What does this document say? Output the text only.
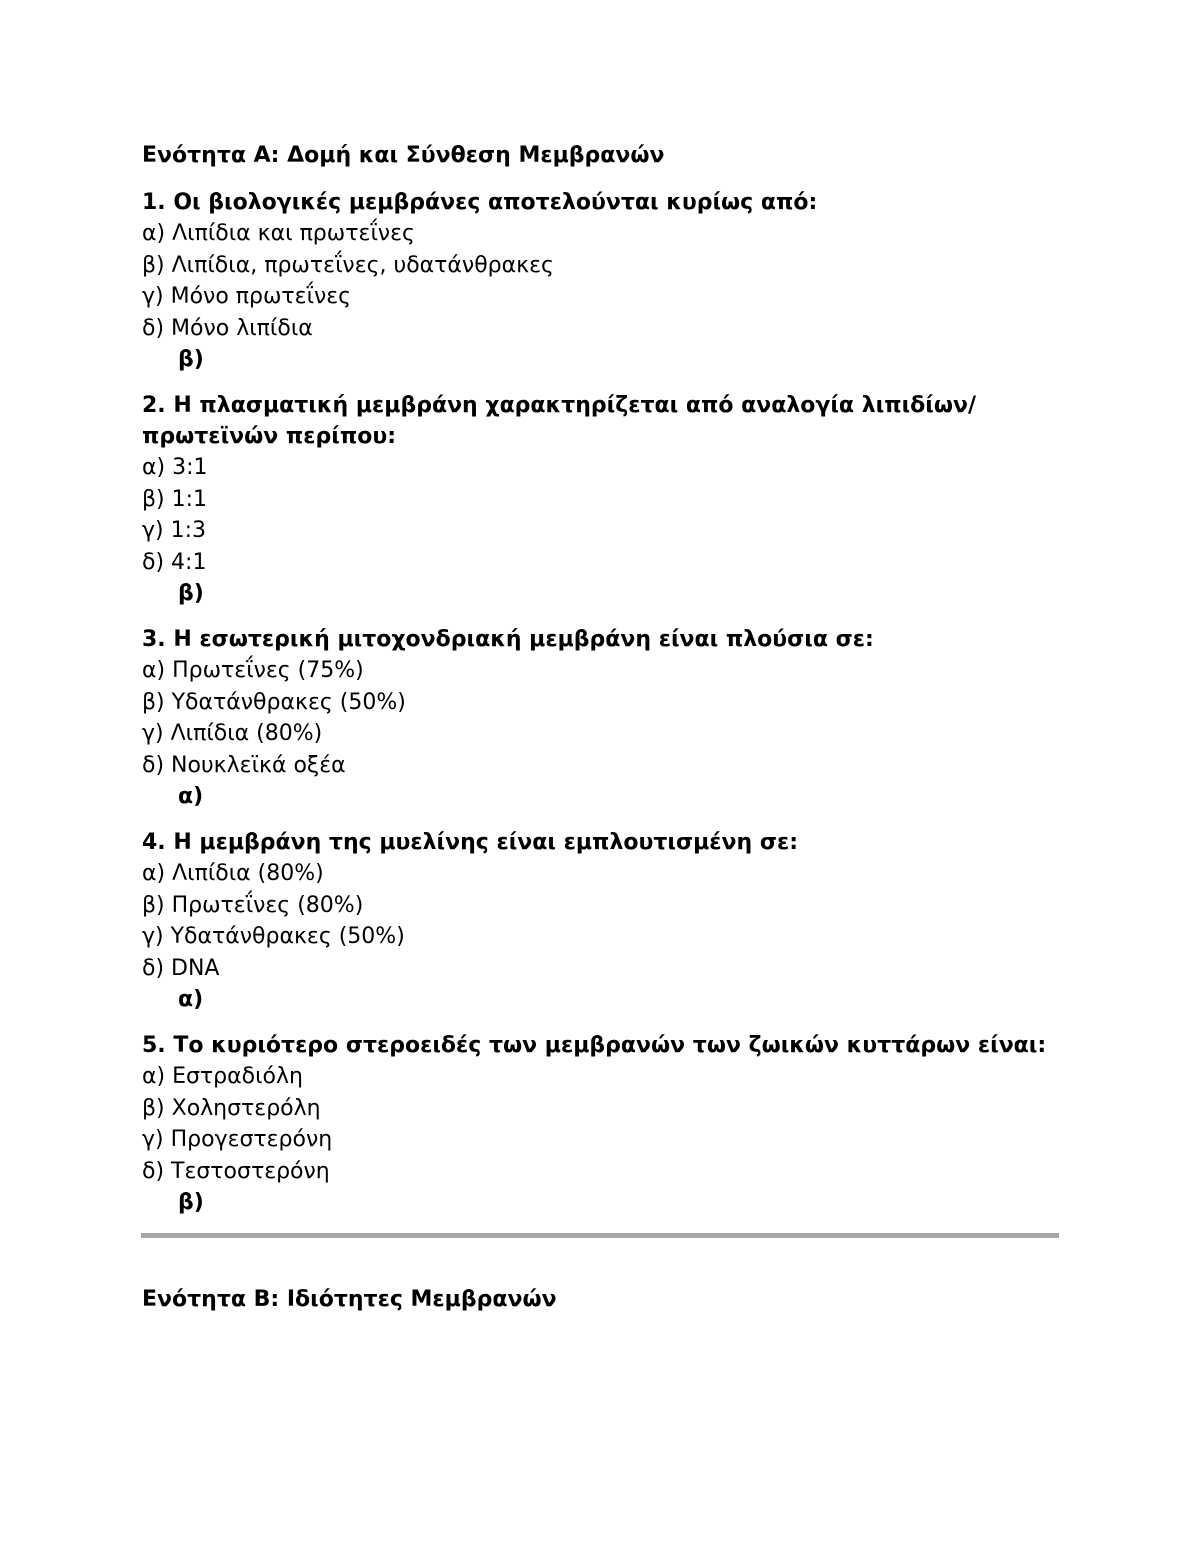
Ενότητα Α: Δομή και Σύνθεση Μεμβρανών

1. Οι βιολογικές μεμβράνες αποτελούνται κυρίως από:

α) Λιπίδια και πρωτεΐνες

β) Λιπίδια, πρωτεΐνες, υδατάνθρακες

γ) Μόνο πρωτεΐνες

δ) Μόνο λιπίδια

β)

2. Η πλασματική μεμβράνη χαρακτηρίζεται από αναλογία λιπιδίων/πρωτεϊνών περίπου:

α) 3:1

β) 1:1

γ) 1:3

δ) 4:1

β)

3. Η εσωτερική μιτοχονδριακή μεμβράνη είναι πλούσια σε:

α) Πρωτεΐνες (75%)

β) Υδατάνθρακες (50%)

γ) Λιπίδια (80%)

δ) Νουκλεϊκά οξέα

α)

4. Η μεμβράνη της μυελίνης είναι εμπλουτισμένη σε:

α) Λιπίδια (80%)

β) Πρωτεΐνες (80%)

γ) Υδατάνθρακες (50%)

δ) DNA

α)

5. Το κυριότερο στεροειδές των μεμβρανών των ζωικών κυττάρων είναι:

α) Εστραδιόλη

β) Χοληστερόλη

γ) Προγεστερόνη

δ) Τεστοστερόνη

β)

Ενότητα Β: Ιδιότητες Μεμβρανών
